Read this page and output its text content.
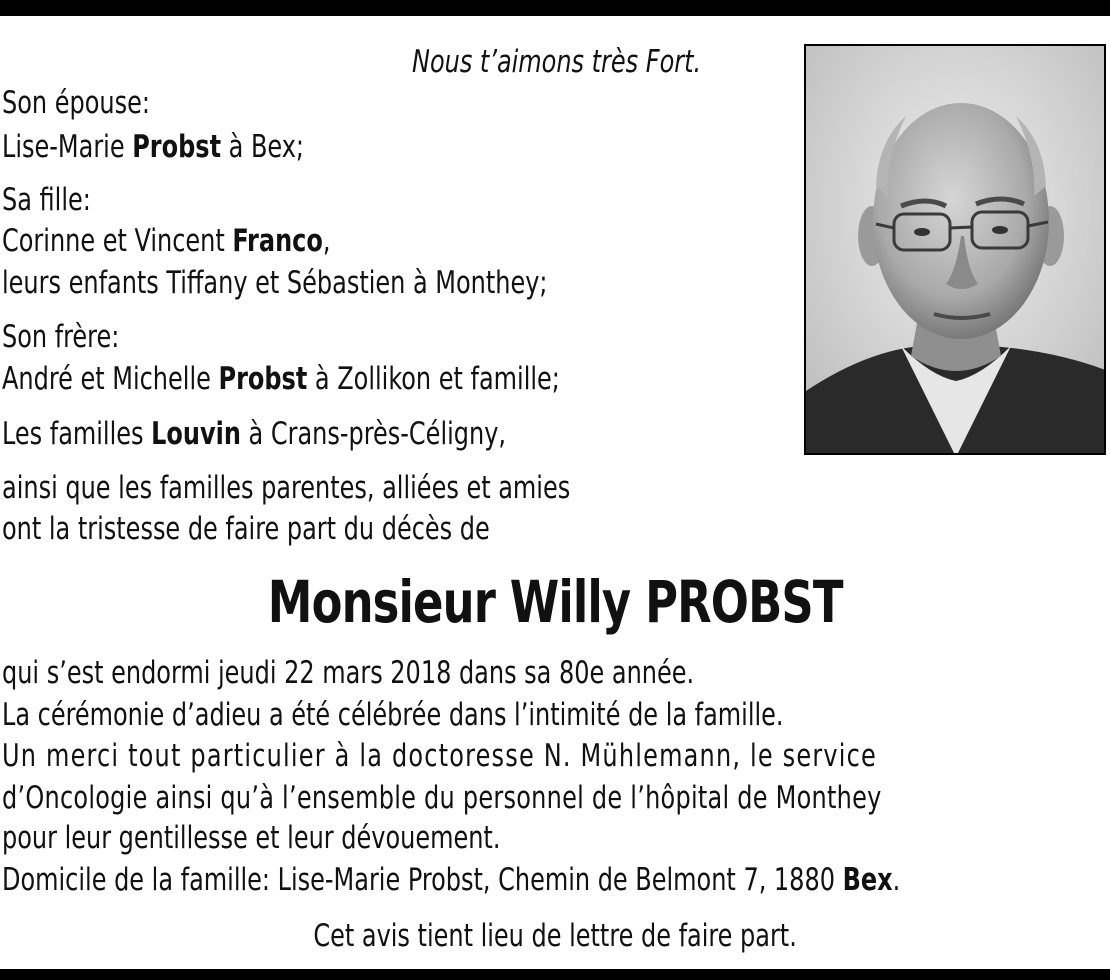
Nous t’aimons très Fort.
Son épouse:
Lise-Marie Probst à Bex;
Sa fille:
Corinne et Vincent Franco,
leurs enfants Tiffany et Sébastien à Monthey;
Son frère:
André et Michelle Probst à Zollikon et famille;
Les familles Louvin à Crans-près-Céligny,
ainsi que les familles parentes, alliées et amies
ont la tristesse de faire part du décès de
Monsieur Willy PROBST
qui s’est endormi jeudi 22 mars 2018 dans sa 80e année.
La cérémonie d’adieu a été célébrée dans l’intimité de la famille.
Un merci tout particulier à la doctoresse N. Mühlemann, le service
d’Oncologie ainsi qu’à l’ensemble du personnel de l’hôpital de Monthey
pour leur gentillesse et leur dévouement.
Domicile de la famille: Lise-Marie Probst, Chemin de Belmont 7, 1880 Bex.
Cet avis tient lieu de lettre de faire part.
